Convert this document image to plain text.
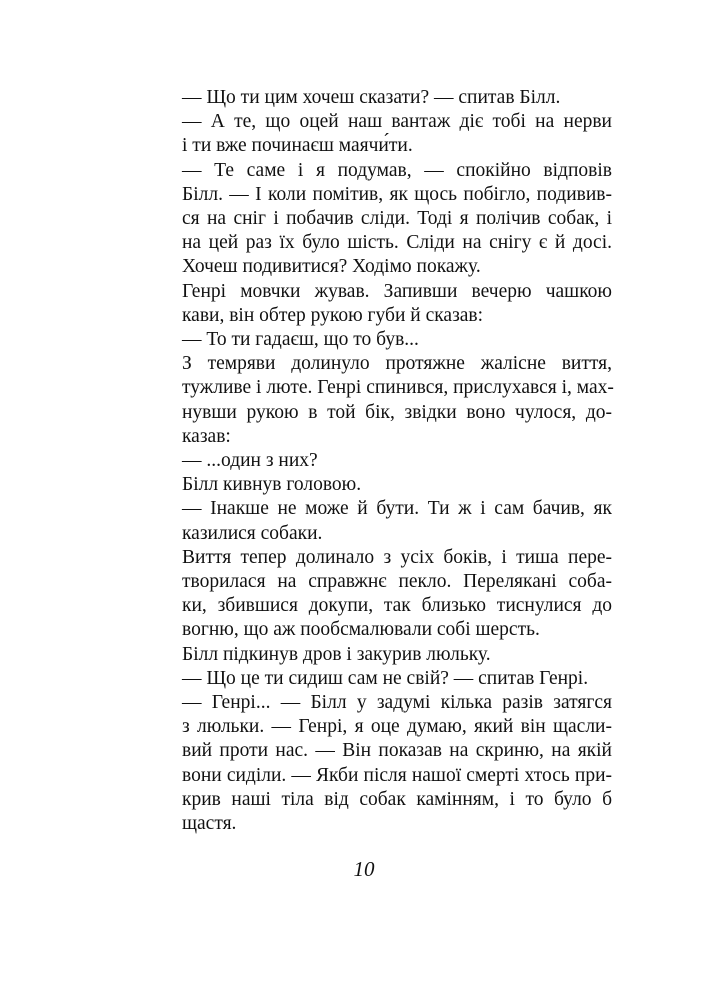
— Що ти цим хочеш сказати? — спитав Білл.

— А те, що оцей наш вантаж діє тобі на нерви
і ти вже починаєш маячи́ти.

— Те саме і я подумав, — спокійно відповів
Білл. — І коли помітив, як щось побігло, подивив-
ся на сніг і побачив сліди. Тоді я полічив собак, і
на цей раз їх було шість. Сліди на снігу є й досі.
Хочеш подивитися? Ходімо покажу.

Генрі мовчки жував. Запивши вечерю чашкою
кави, він обтер рукою губи й сказав:

— То ти гадаєш, що то був...

З темряви долинуло протяжне жалісне виття,
тужливе і люте. Генрі спинився, прислухався і, мах-
нувши рукою в той бік, звідки воно чулося, до-
казав:

— ...один з них?

Білл кивнув головою.

— Інакше не може й бути. Ти ж і сам бачив, як
казилися собаки.

Виття тепер долинало з усіх боків, і тиша пере-
творилася на справжнє пекло. Перелякані соба-
ки, збившися докупи, так близько тиснулися до
вогню, що аж пообсмалювали собі шерсть.

Білл підкинув дров і закурив люльку.

— Що це ти сидиш сам не свій? — спитав Генрі.

— Генрі... — Білл у задумі кілька разів затягся
з люльки. — Генрі, я оце думаю, який він щасли-
вий проти нас. — Він показав на скриню, на якій
вони сиділи. — Якби після нашої смерті хтось при-
крив наші тіла від собак камінням, і то було б
щастя.

10
